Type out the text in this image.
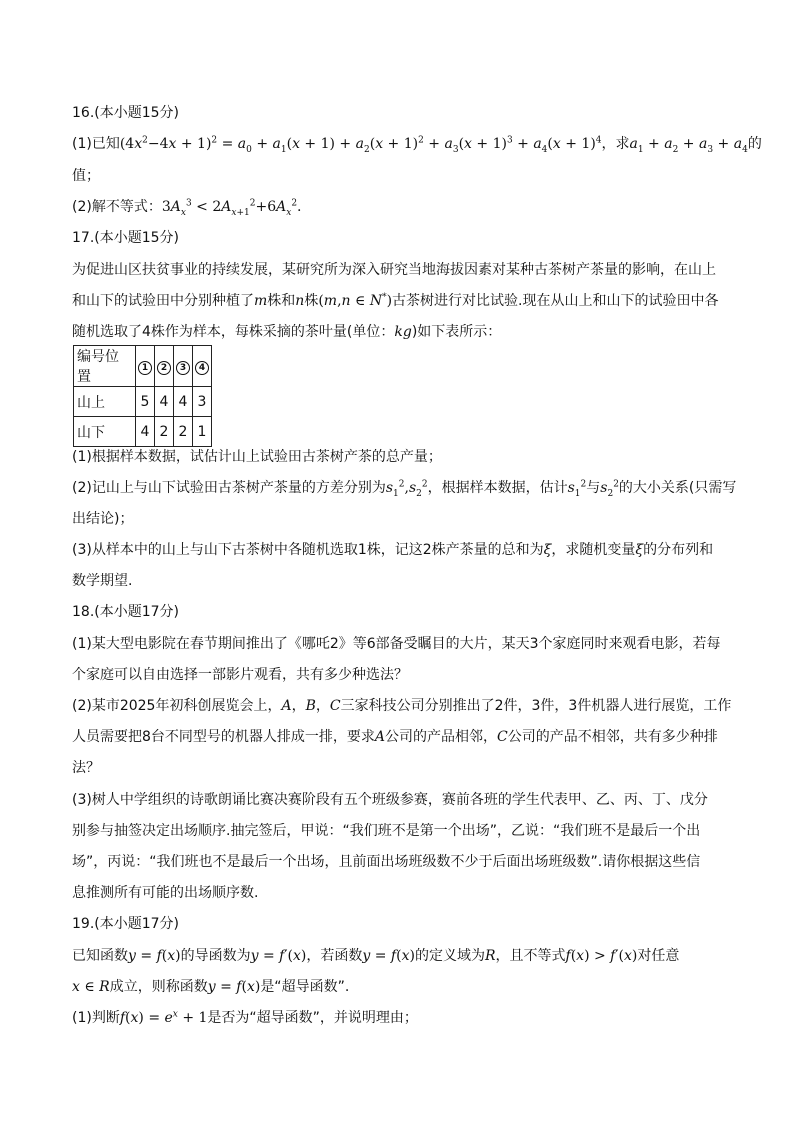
16.(本小题15分)
(1)已知$(4x^2-4x + 1)^2 = a_0 + a_1(x + 1) + a_2(x + 1)^2 + a_3(x + 1)^3 + a_4(x + 1)^4$，求$a_1 + a_2 + a_3 + a_4$的
值；
(2)解不等式：$3A_x^3 < 2A_{x+1}^2+6A_x^2$.
17.(本小题15分)
为促进山区扶贫事业的持续发展，某研究所为深入研究当地海拔因素对某种古茶树产茶量的影响，在山上
和山下的试验田中分别种植了m株和n株(m,n ∈ N*)古茶树进行对比试验.现在从山上和山下的试验田中各
随机选取了4株作为样本，每株采摘的茶叶量(单位：kg)如下表所示：
编号位置	1	2	3	4
山上	5	4	4	3
山下	4	2	2	1
(1)根据样本数据，试估计山上试验田古茶树产茶的总产量；
(2)记山上与山下试验田古茶树产茶量的方差分别为$s_1^2,s_2^2$，根据样本数据，估计$s_1^2$与$s_2^2$的大小关系(只需写
出结论)；
(3)从样本中的山上与山下古茶树中各随机选取1株，记这2株产茶量的总和为ξ，求随机变量ξ的分布列和
数学期望.
18.(本小题17分)
(1)某大型电影院在春节期间推出了《哪吒2》等6部备受瞩目的大片，某天3个家庭同时来观看电影，若每
个家庭可以自由选择一部影片观看，共有多少种选法？
(2)某市2025年初科创展览会上，A，B，C三家科技公司分别推出了2件，3件，3件机器人进行展览，工作
人员需要把8台不同型号的机器人排成一排，要求A公司的产品相邻，C公司的产品不相邻，共有多少种排
法？
(3)树人中学组织的诗歌朗诵比赛决赛阶段有五个班级参赛，赛前各班的学生代表甲、乙、丙、丁、戊分
别参与抽签决定出场顺序.抽完签后，甲说：“我们班不是第一个出场”，乙说：“我们班不是最后一个出
场”，丙说：“我们班也不是最后一个出场，且前面出场班级数不少于后面出场班级数”.请你根据这些信
息推测所有可能的出场顺序数.
19.(本小题17分)
已知函数y = f(x)的导函数为y = f′(x)，若函数y = f(x)的定义域为R，且不等式f(x) > f′(x)对任意
x ∈ R成立，则称函数y = f(x)是“超导函数”.
(1)判断$f(x) = e^x + 1$是否为“超导函数”，并说明理由；
